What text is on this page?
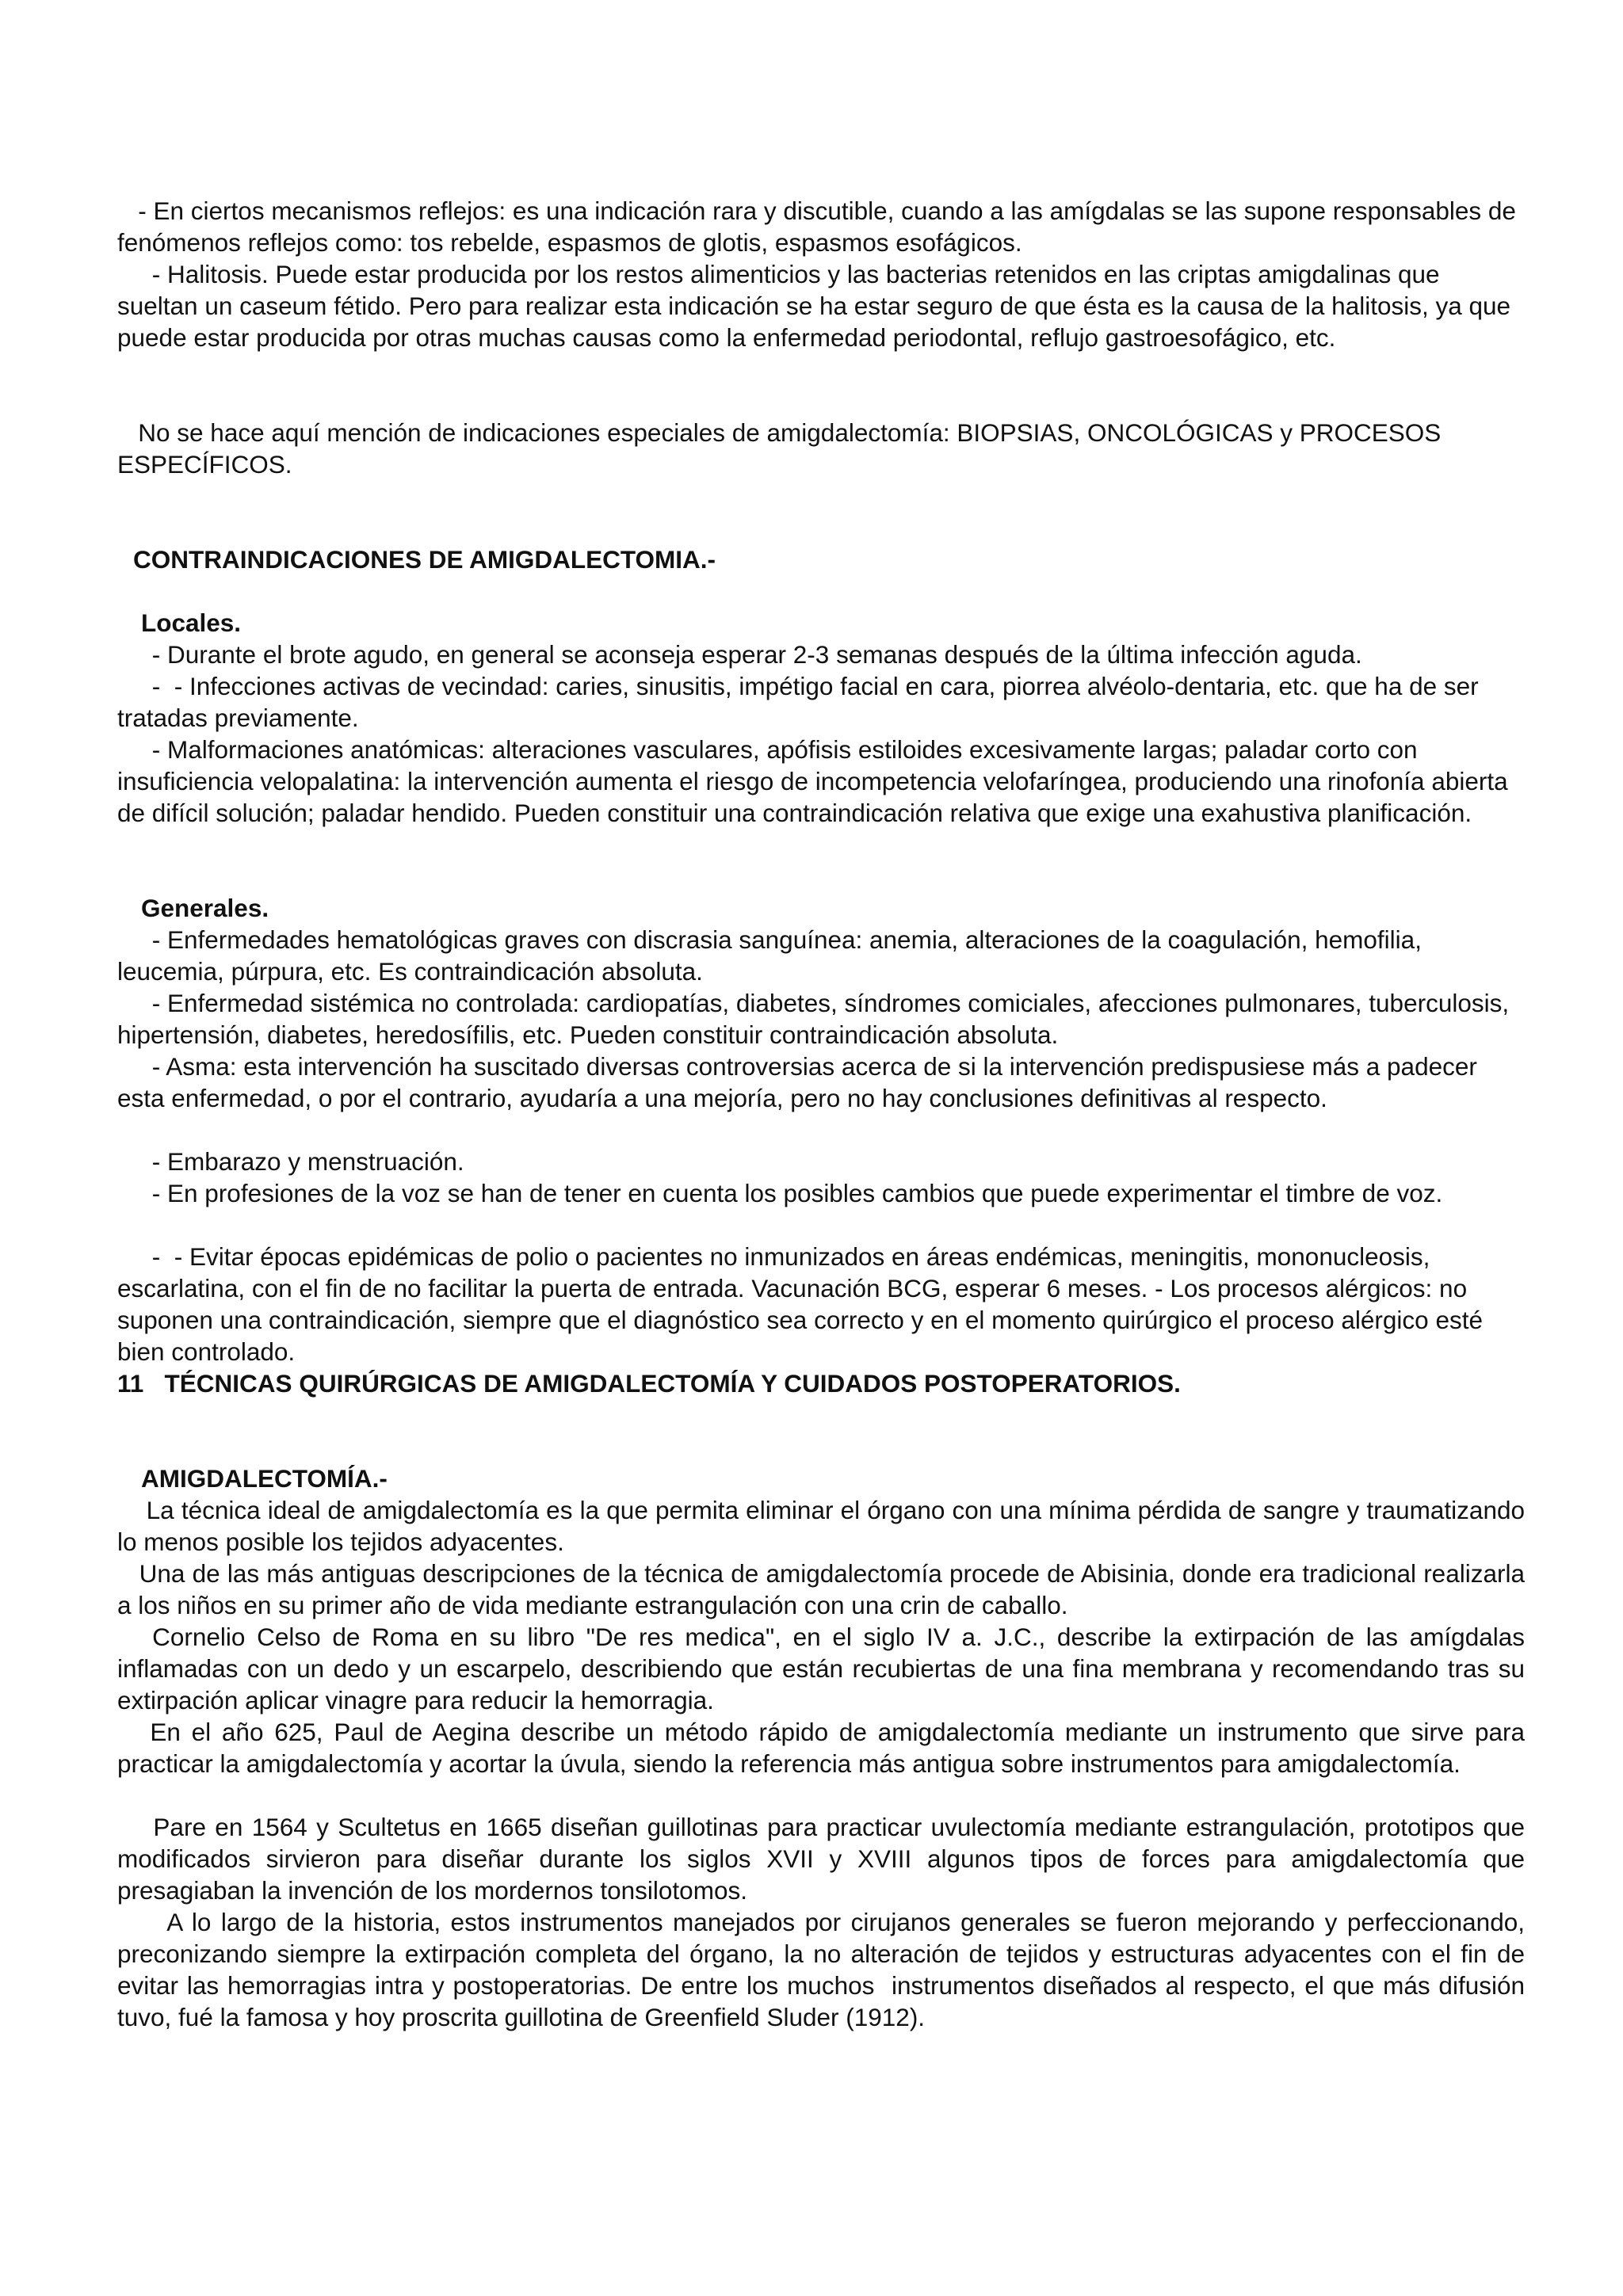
- En ciertos mecanismos reflejos: es una indicación rara y discutible, cuando a las amígdalas se las supone responsables de fenómenos reflejos como: tos rebelde, espasmos de glotis, espasmos esofágicos.

- Halitosis. Puede estar producida por los restos alimenticios y las bacterias retenidos en las criptas amigdalinas que sueltan un caseum fétido. Pero para realizar esta indicación se ha estar seguro de que ésta es la causa de la halitosis, ya que puede estar producida por otras muchas causas como la enfermedad periodontal, reflujo gastroesofágico, etc.

No se hace aquí mención de indicaciones especiales de amigdalectomía: BIOPSIAS, ONCOLÓGICAS y PROCESOS ESPECÍFICOS.

CONTRAINDICACIONES DE AMIGDALECTOMIA.-

Locales.

- Durante el brote agudo, en general se aconseja esperar 2-3 semanas después de la última infección aguda.

-  - Infecciones activas de vecindad: caries, sinusitis, impétigo facial en cara, piorrea alvéolo-dentaria, etc. que ha de ser tratadas previamente.

- Malformaciones anatómicas: alteraciones vasculares, apófisis estiloides excesivamente largas; paladar corto con insuficiencia velopalatina: la intervención aumenta el riesgo de incompetencia velofaríngea, produciendo una rinofonía abierta de difícil solución; paladar hendido. Pueden constituir una contraindicación relativa que exige una exahustiva planificación.

Generales.

- Enfermedades hematológicas graves con discrasia sanguínea: anemia, alteraciones de la coagulación, hemofilia, leucemia, púrpura, etc. Es contraindicación absoluta.

- Enfermedad sistémica no controlada: cardiopatías, diabetes, síndromes comiciales, afecciones pulmonares, tuberculosis, hipertensión, diabetes, heredosífilis, etc. Pueden constituir contraindicación absoluta.

- Asma: esta intervención ha suscitado diversas controversias acerca de si la intervención predispusiese más a padecer esta enfermedad, o por el contrario, ayudaría a una mejoría, pero no hay conclusiones definitivas al respecto.

- Embarazo y menstruación.

- En profesiones de la voz se han de tener en cuenta los posibles cambios que puede experimentar el timbre de voz.

-  - Evitar épocas epidémicas de polio o pacientes no inmunizados en áreas endémicas, meningitis, mononucleosis, escarlatina, con el fin de no facilitar la puerta de entrada. Vacunación BCG, esperar 6 meses. - Los procesos alérgicos: no suponen una contraindicación, siempre que el diagnóstico sea correcto y en el momento quirúrgico el proceso alérgico esté bien controlado.

11   TÉCNICAS QUIRÚRGICAS DE AMIGDALECTOMÍA Y CUIDADOS POSTOPERATORIOS.

AMIGDALECTOMÍA.-

La técnica ideal de amigdalectomía es la que permita eliminar el órgano con una mínima pérdida de sangre y traumatizando lo menos posible los tejidos adyacentes.

Una de las más antiguas descripciones de la técnica de amigdalectomía procede de Abisinia, donde era tradicional realizarla a los niños en su primer año de vida mediante estrangulación con una crin de caballo.

Cornelio Celso de Roma en su libro "De res medica", en el siglo IV a. J.C., describe la extirpación de las amígdalas inflamadas con un dedo y un escarpelo, describiendo que están recubiertas de una fina membrana y recomendando tras su extirpación aplicar vinagre para reducir la hemorragia.

En el año 625, Paul de Aegina describe un método rápido de amigdalectomía mediante un instrumento que sirve para practicar la amigdalectomía y acortar la úvula, siendo la referencia más antigua sobre instrumentos para amigdalectomía.

Pare en 1564 y Scultetus en 1665 diseñan guillotinas para practicar uvulectomía mediante estrangulación, prototipos que modificados sirvieron para diseñar durante los siglos XVII y XVIII algunos tipos de forces para amigdalectomía que presagiaban la invención de los mordernos tonsilotomos.

A lo largo de la historia, estos instrumentos manejados por cirujanos generales se fueron mejorando y perfeccionando, preconizando siempre la extirpación completa del órgano, la no alteración de tejidos y estructuras adyacentes con el fin de evitar las hemorragias intra y postoperatorias. De entre los muchos  instrumentos diseñados al respecto, el que más difusión tuvo, fué la famosa y hoy proscrita guillotina de Greenfield Sluder (1912).
